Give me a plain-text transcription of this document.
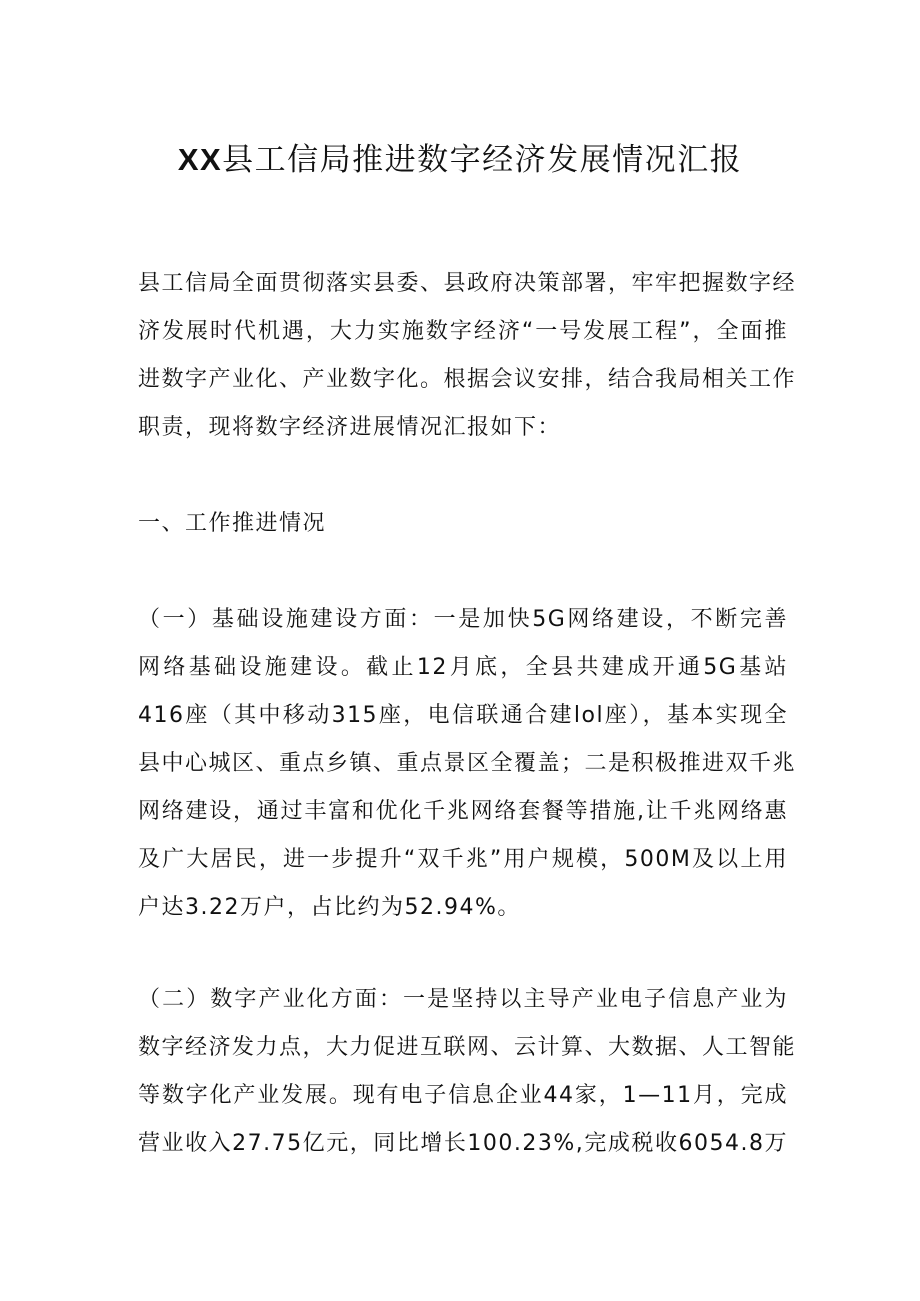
XX县工信局推进数字经济发展情况汇报
县工信局全面贯彻落实县委、县政府决策部署，牢牢把握数字经
济发展时代机遇，大力实施数字经济“一号发展工程”，全面推
进数字产业化、产业数字化。根据会议安排，结合我局相关工作
职责，现将数字经济进展情况汇报如下：
一、工作推进情况
（一）基础设施建设方面：一是加快5G网络建设，不断完善
网络基础设施建设。截止12月底，全县共建成开通5G基站
416座（其中移动315座，电信联通合建lol座），基本实现全
县中心城区、重点乡镇、重点景区全覆盖；二是积极推进双千兆
网络建设，通过丰富和优化千兆网络套餐等措施,让千兆网络惠
及广大居民，进一步提升“双千兆”用户规模，500M及以上用
户达3.22万户，占比约为52.94%。
（二）数字产业化方面：一是坚持以主导产业电子信息产业为
数字经济发力点，大力促进互联网、云计算、大数据、人工智能
等数字化产业发展。现有电子信息企业44家，1—11月，完成
营业收入27.75亿元，同比增长100.23%,完成税收6054.8万
